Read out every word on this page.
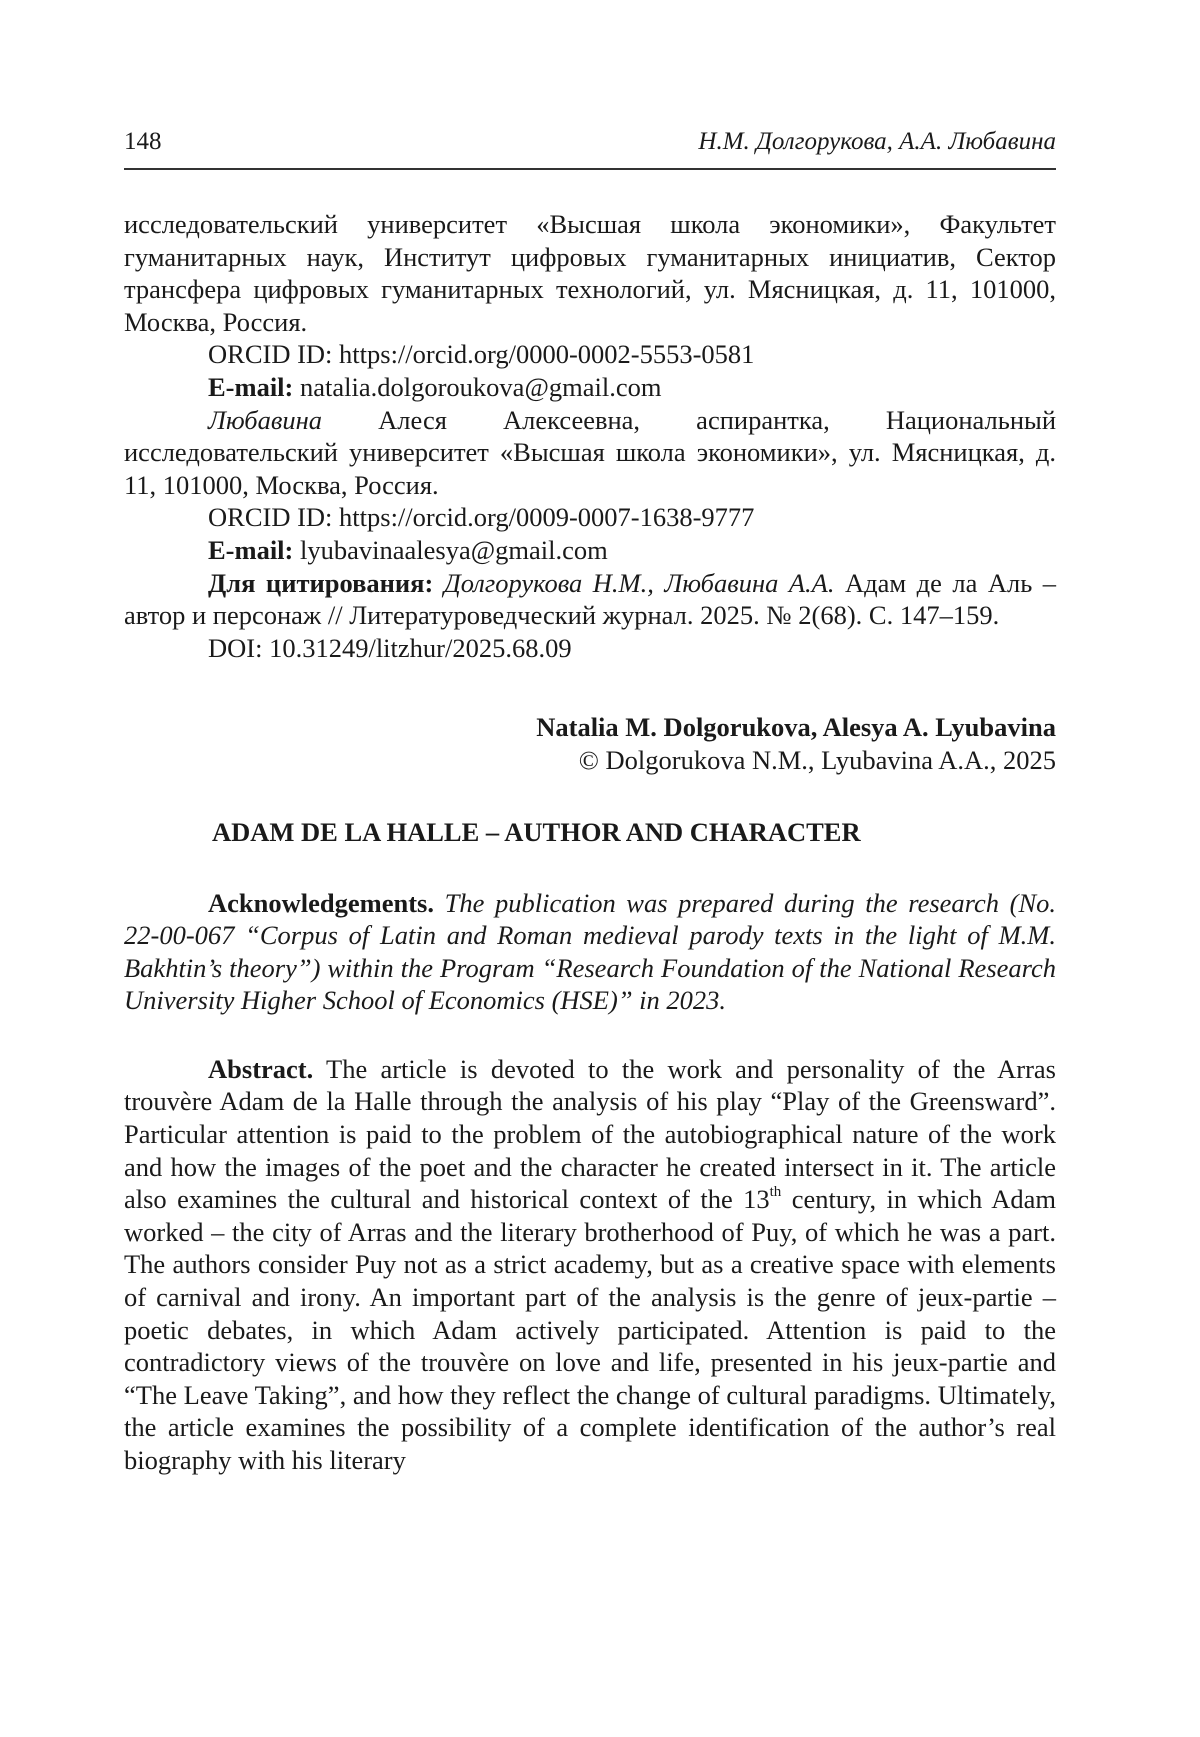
148	Н.М. Долгорукова, А.А. Любавина

исследовательский университет «Высшая школа экономики», Факультет гуманитарных наук, Институт цифровых гуманитарных инициатив, Сектор трансфера цифровых гуманитарных технологий, ул. Мясницкая, д. 11, 101000, Москва, Россия.

ORCID ID: https://orcid.org/0000-0002-5553-0581

E-mail: natalia.dolgoroukova@gmail.com

Любавина Алеся Алексеевна, аспирантка, Национальный исследовательский университет «Высшая школа экономики», ул. Мясницкая, д. 11, 101000, Москва, Россия.

ORCID ID: https://orcid.org/0009-0007-1638-9777

E-mail: lyubavinaalesya@gmail.com

Для цитирования: Долгорукова Н.М., Любавина А.А. Адам де ла Аль – автор и персонаж // Литературоведческий журнал. 2025. № 2(68). С. 147–159.

DOI: 10.31249/litzhur/2025.68.09

Natalia M. Dolgorukova, Alesya A. Lyubavina

© Dolgorukova N.M., Lyubavina A.A., 2025

ADAM DE LA HALLE – AUTHOR AND CHARACTER

Acknowledgements. The publication was prepared during the research (No. 22-00-067 “Corpus of Latin and Roman medieval parody texts in the light of M.M. Bakhtin’s theory”) within the Program “Research Foundation of the National Research University Higher School of Economics (HSE)” in 2023.

Abstract. The article is devoted to the work and personality of the Arras trouvère Adam de la Halle through the analysis of his play “Play of the Greensward”. Particular attention is paid to the problem of the autobiographical nature of the work and how the images of the poet and the character he created intersect in it. The article also examines the cultural and historical context of the 13th century, in which Adam worked – the city of Arras and the literary brotherhood of Puy, of which he was a part. The authors consider Puy not as a strict academy, but as a creative space with elements of carnival and irony. An important part of the analysis is the genre of jeux-partie – poetic debates, in which Adam actively participated. Attention is paid to the contradictory views of the trouvère on love and life, presented in his jeux-partie and “The Leave Taking”, and how they reflect the change of cultural paradigms. Ultimately, the article examines the possibility of a complete identification of the author’s real biography with his literary
